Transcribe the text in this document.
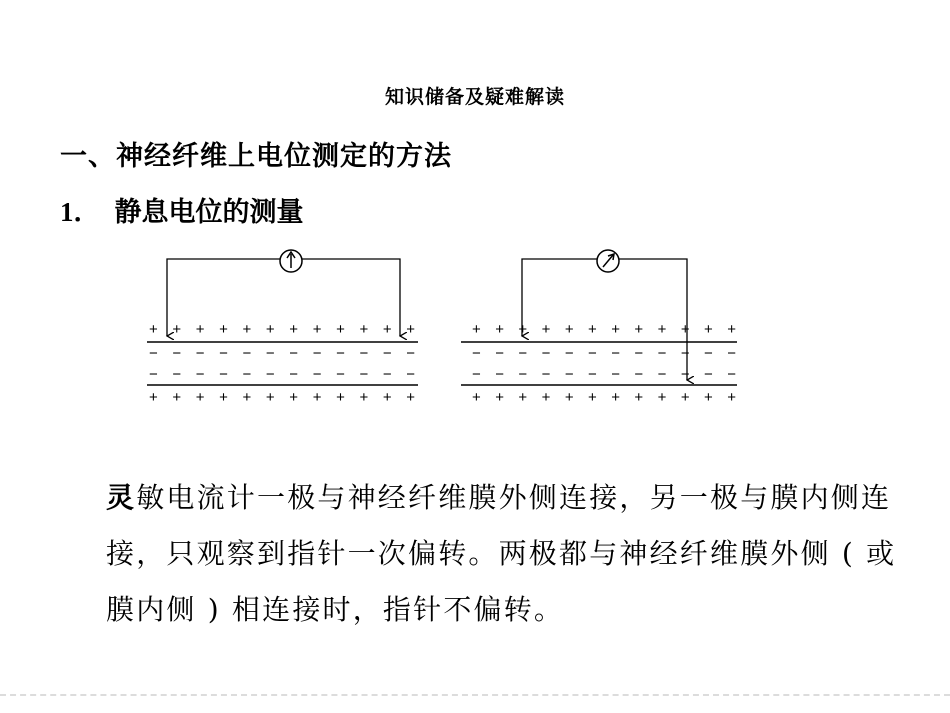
知识储备及疑难解读
一、神经纤维上电位测定的方法
1． 静息电位的测量
+ + + + + + + + + + + +
− − − − − − − − − − − −
− − − − − − − − − − − −
+ + + + + + + + + + + +
+ + + + + + + + + + + +
− − − − − − − − − − − −
− − − − − − − − − − − −
+ + + + + + + + + + + +
灵敏电流计一极与神经纤维膜外侧连接，另一极与膜内侧连接，只观察到指针一次偏转。两极都与神经纤维膜外侧 ( 或膜内侧 ) 相连接时，指针不偏转。
